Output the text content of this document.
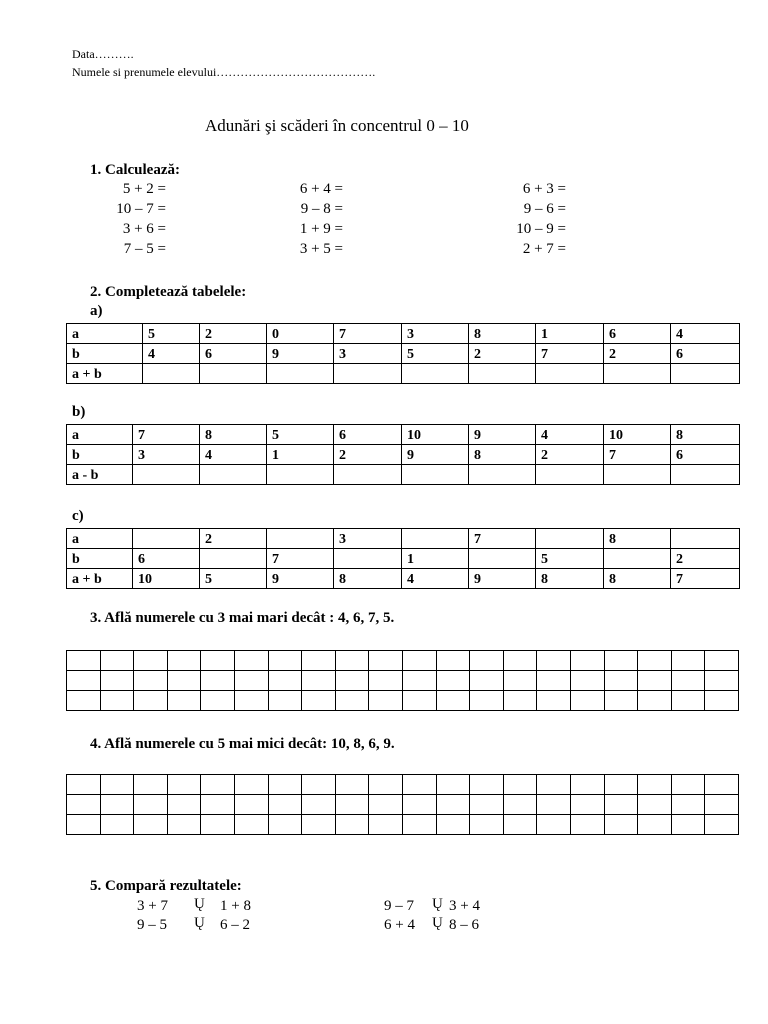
Data……….
Numele si prenumele elevului………………………………….
Adunări şi scăderi în concentrul 0 – 10
1. Calculează:
5 + 2 =	6 + 4 =	6 + 3 =
10 – 7 =	9 – 8 =	9 – 6 =
3 + 6 =	1 + 9 =	10 – 9 =
7 – 5 =	3 + 5 =	2 + 7 =
2. Completează tabelele:
a)
a	5	2	0	7	3	8	1	6	4
b	4	6	9	3	5	2	7	2	6
a + b									
b)
a	7	8	5	6	10	9	4	10	8
b	3	4	1	2	9	8	2	7	6
a - b									
c)
a		2		3		7		8	
b	6		7		1		5		2
a + b	10	5	9	8	4	9	8	8	7
3. Află numerele cu 3 mai mari decât : 4, 6, 7, 5.

4. Află numerele cu 5 mai mici decât: 10, 8, 6, 9.

5. Compară rezultatele:
3 + 7 Ų 1 + 8	9 – 7 Ų 3 + 4
9 – 5 Ų 6 – 2	6 + 4 Ų 8 – 6
